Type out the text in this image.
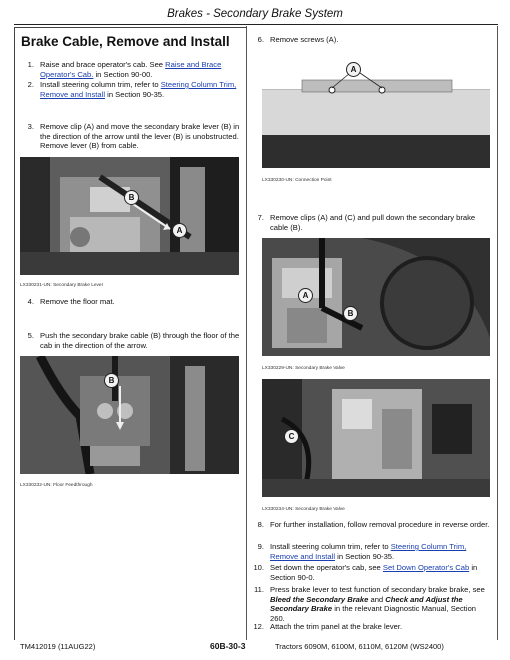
Brakes - Secondary Brake System
Brake Cable, Remove and Install
1. Raise and brace operator's cab. See Raise and Brace Operator's Cab. in Section 90-00.
2. Install steering column trim, refer to Steering Column Trim, Remove and Install in Section 90-35.
3. Remove clip (A) and move the secondary brake lever (B) in the direction of the arrow until the lever (B) is unobstructed. Remove lever (B) from cable.
B
A
LX330231-UN: Secondary Brake Lever
4. Remove the floor mat.
5. Push the secondary brake cable (B) through the floor of the cab in the direction of the arrow.
B
LX330232-UN: Floor Feedthrough
6. Remove screws (A).
A
LX330230-UN: Connection Point
7. Remove clips (A) and (C) and pull down the secondary brake cable (B).
A
B
LX330229-UN: Secondary Brake Valve
C
LX330234-UN: Secondary Brake Valve
8. For further installation, follow removal procedure in reverse order.
9. Install steering column trim, refer to Steering Column Trim, Remove and Install in Section 90-35.
10. Set down the operator's cab, see Set Down Operator's Cab in Section 90-0.
11. Press brake lever to test function of secondary brake brake, see Bleed the Secondary Brake and Check and Adjust the Secondary Brake in the relevant Diagnostic Manual, Section 260.
12. Attach the trim panel at the brake lever.
TM412019 (11AUG22)	60B-30-3	Tractors 6090M, 6100M, 6110M, 6120M (WS2400)
